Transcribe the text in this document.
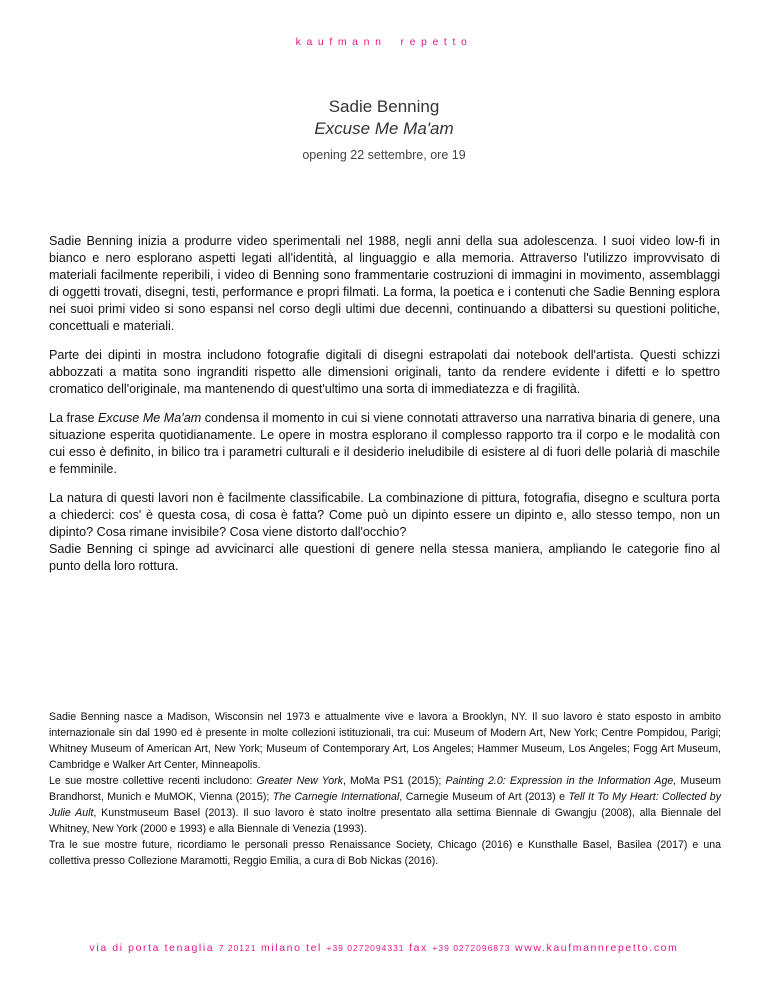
kaufmann repetto
Sadie Benning
Excuse Me Ma'am
opening 22 settembre, ore 19

Sadie Benning inizia a produrre video sperimentali nel 1988, negli anni della sua adolescenza. I suoi video low-fi in bianco e nero esplorano aspetti legati all'identità, al linguaggio e alla memoria. Attraverso l'utilizzo improvvisato di materiali facilmente reperibili, i video di Benning sono frammentarie costruzioni di immagini in movimento, assemblaggi di oggetti trovati, disegni, testi, performance e propri filmati. La forma, la poetica e i contenuti che Sadie Benning esplora nei suoi primi video si sono espansi nel corso degli ultimi due decenni, continuando a dibattersi su questioni politiche, concettuali e materiali.

Parte dei dipinti in mostra includono fotografie digitali di disegni estrapolati dai notebook dell'artista. Questi schizzi abbozzati a matita sono ingranditi rispetto alle dimensioni originali, tanto da rendere evidente i difetti e lo spettro cromatico dell'originale, ma mantenendo di quest'ultimo una sorta di immediatezza e di fragilità.

La frase Excuse Me Ma'am condensa il momento in cui si viene connotati attraverso una narrativa binaria di genere, una situazione esperita quotidianamente. Le opere in mostra esplorano il complesso rapporto tra il corpo e le modalità con cui esso è definito, in bilico tra i parametri culturali e il desiderio ineludibile di esistere al di fuori delle polarià di maschile e femminile.

La natura di questi lavori non è facilmente classificabile. La combinazione di pittura, fotografia, disegno e scultura porta a chiederci: cos' è questa cosa, di cosa è fatta? Come può un dipinto essere un dipinto e, allo stesso tempo, non un dipinto? Cosa rimane invisibile? Cosa viene distorto dall'occhio?

Sadie Benning ci spinge ad avvicinarci alle questioni di genere nella stessa maniera, ampliando le categorie fino al punto della loro rottura.

Sadie Benning nasce a Madison, Wisconsin nel 1973 e attualmente vive e lavora a Brooklyn, NY. Il suo lavoro è stato esposto in ambito internazionale sin dal 1990 ed è presente in molte collezioni istituzionali, tra cui: Museum of Modern Art, New York; Centre Pompidou, Parigi; Whitney Museum of American Art, New York; Museum of Contemporary Art, Los Angeles; Hammer Museum, Los Angeles; Fogg Art Museum, Cambridge e Walker Art Center, Minneapolis.

Le sue mostre collettive recenti includono: Greater New York, MoMa PS1 (2015); Painting 2.0: Expression in the Information Age, Museum Brandhorst, Munich e MuMOK, Vienna (2015); The Carnegie International, Carnegie Museum of Art (2013) e Tell It To My Heart: Collected by Julie Ault, Kunstmuseum Basel (2013). Il suo lavoro è stato inoltre presentato alla settima Biennale di Gwangju (2008), alla Biennale del Whitney, New York (2000 e 1993) e alla Biennale di Venezia (1993).

Tra le sue mostre future, ricordiamo le personali presso Renaissance Society, Chicago (2016) e Kunsthalle Basel, Basilea (2017) e una collettiva presso Collezione Maramotti, Reggio Emilia, a cura di Bob Nickas (2016).

via di porta tenaglia 7 20121 milano tel +39 0272094331 fax +39 0272096873 www.kaufmannrepetto.com
